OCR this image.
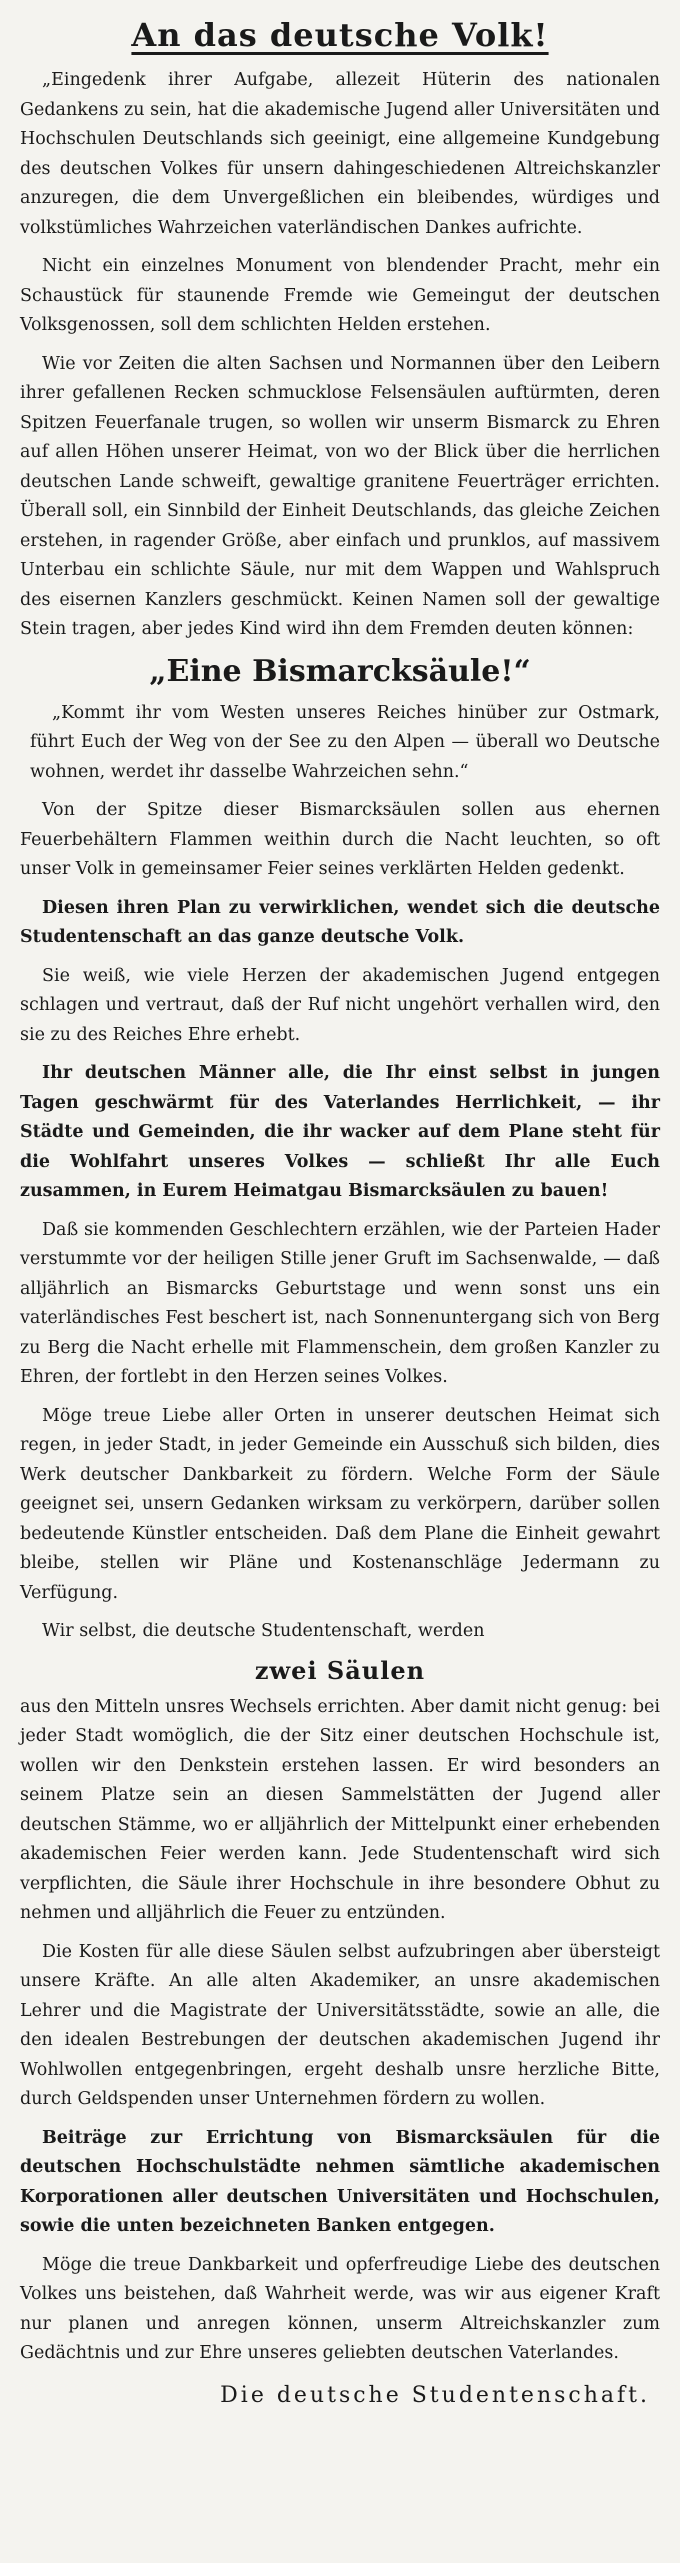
An das deutsche Volk!

„Eingedenk ihrer Aufgabe, allezeit Hüterin des nationalen Gedankens zu sein, hat die akademische Jugend aller Universitäten und Hochschulen Deutschlands sich geeinigt, eine allgemeine Kundgebung des deutschen Volkes für unsern dahingeschiedenen Altreichskanzler anzuregen, die dem Unvergeßlichen ein bleibendes, würdiges und volkstümliches Wahrzeichen vaterländischen Dankes aufrichte.

Nicht ein einzelnes Monument von blendender Pracht, mehr ein Schaustück für staunende Fremde wie Gemeingut der deutschen Volksgenossen, soll dem schlichten Helden erstehen.

Wie vor Zeiten die alten Sachsen und Normannen über den Leibern ihrer gefallenen Recken schmucklose Felsensäulen auftürmten, deren Spitzen Feuerfanale trugen, so wollen wir unserm Bismarck zu Ehren auf allen Höhen unserer Heimat, von wo der Blick über die herrlichen deutschen Lande schweift, gewaltige granitene Feuerträger errichten. Überall soll, ein Sinnbild der Einheit Deutschlands, das gleiche Zeichen erstehen, in ragender Größe, aber einfach und prunklos, auf massivem Unterbau ein schlichte Säule, nur mit dem Wappen und Wahlspruch des eisernen Kanzlers geschmückt. Keinen Namen soll der gewaltige Stein tragen, aber jedes Kind wird ihn dem Fremden deuten können:

„Eine Bismarcksäule!“

„Kommt ihr vom Westen unseres Reiches hinüber zur Ostmark, führt Euch der Weg von der See zu den Alpen — überall wo Deutsche wohnen, werdet ihr dasselbe Wahrzeichen sehn.“

Von der Spitze dieser Bismarcksäulen sollen aus ehernen Feuerbehältern Flammen weithin durch die Nacht leuchten, so oft unser Volk in gemeinsamer Feier seines verklärten Helden gedenkt.

Diesen ihren Plan zu verwirklichen, wendet sich die deutsche Studentenschaft an das ganze deutsche Volk.

Sie weiß, wie viele Herzen der akademischen Jugend entgegen schlagen und vertraut, daß der Ruf nicht ungehört verhallen wird, den sie zu des Reiches Ehre erhebt.

Ihr deutschen Männer alle, die Ihr einst selbst in jungen Tagen geschwärmt für des Vaterlandes Herrlichkeit, — ihr Städte und Gemeinden, die ihr wacker auf dem Plane steht für die Wohlfahrt unseres Volkes — schließt Ihr alle Euch zusammen, in Eurem Heimatgau Bismarcksäulen zu bauen!

Daß sie kommenden Geschlechtern erzählen, wie der Parteien Hader verstummte vor der heiligen Stille jener Gruft im Sachsenwalde, — daß alljährlich an Bismarcks Geburtstage und wenn sonst uns ein vaterländisches Fest beschert ist, nach Sonnenuntergang sich von Berg zu Berg die Nacht erhelle mit Flammenschein, dem großen Kanzler zu Ehren, der fortlebt in den Herzen seines Volkes.

Möge treue Liebe aller Orten in unserer deutschen Heimat sich regen, in jeder Stadt, in jeder Gemeinde ein Ausschuß sich bilden, dies Werk deutscher Dankbarkeit zu fördern. Welche Form der Säule geeignet sei, unsern Gedanken wirksam zu verkörpern, darüber sollen bedeutende Künstler entscheiden. Daß dem Plane die Einheit gewahrt bleibe, stellen wir Pläne und Kostenanschläge Jedermann zu Verfügung.

Wir selbst, die deutsche Studentenschaft, werden

zwei Säulen

aus den Mitteln unsres Wechsels errichten. Aber damit nicht genug: bei jeder Stadt womöglich, die der Sitz einer deutschen Hochschule ist, wollen wir den Denkstein erstehen lassen. Er wird besonders an seinem Platze sein an diesen Sammelstätten der Jugend aller deutschen Stämme, wo er alljährlich der Mittelpunkt einer erhebenden akademischen Feier werden kann. Jede Studentenschaft wird sich verpflichten, die Säule ihrer Hochschule in ihre besondere Obhut zu nehmen und alljährlich die Feuer zu entzünden.

Die Kosten für alle diese Säulen selbst aufzubringen aber übersteigt unsere Kräfte. An alle alten Akademiker, an unsre akademischen Lehrer und die Magistrate der Universitätsstädte, sowie an alle, die den idealen Bestrebungen der deutschen akademischen Jugend ihr Wohlwollen entgegenbringen, ergeht deshalb unsre herzliche Bitte, durch Geldspenden unser Unternehmen fördern zu wollen.

Beiträge zur Errichtung von Bismarcksäulen für die deutschen Hochschulstädte nehmen sämtliche akademischen Korporationen aller deutschen Universitäten und Hochschulen, sowie die unten bezeichneten Banken entgegen.

Möge die treue Dankbarkeit und opferfreudige Liebe des deutschen Volkes uns beistehen, daß Wahrheit werde, was wir aus eigener Kraft nur planen und anregen können, unserm Altreichskanzler zum Gedächtnis und zur Ehre unseres geliebten deutschen Vaterlandes.

Die deutsche Studentenschaft.
